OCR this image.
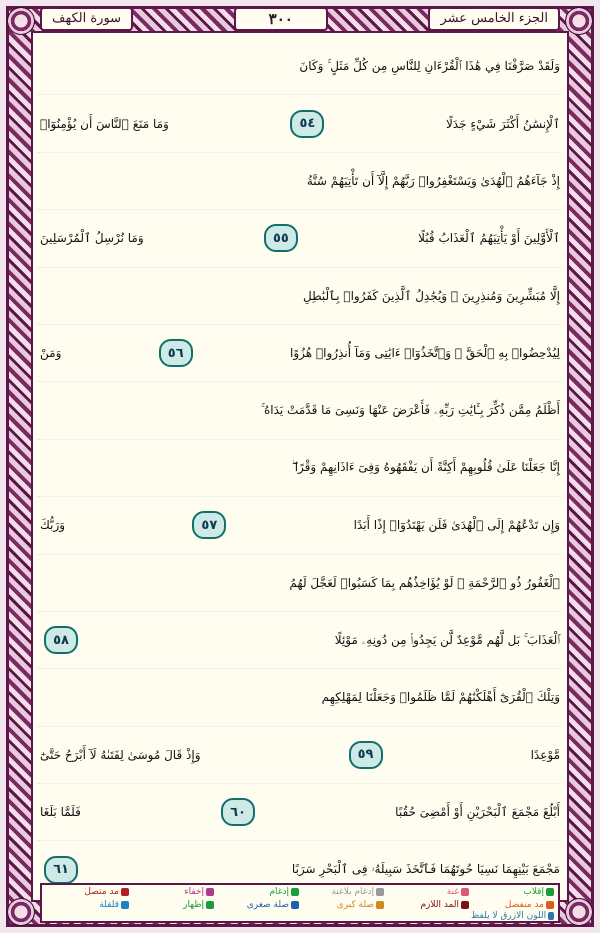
الجزء الخامس عشر
٣٠٠
سورة الكهف
وَلَقَدْ صَرَّفْنَا فِي هَٰذَا ٱلْقُرْءَانِ لِلنَّاسِ مِن كُلِّ مَثَلٍ ۚ وَكَانَ
ٱلْإِنسَٰنُ أَكْثَرَ شَيْءٍ جَدَلًا
٥٤
وَمَا مَنَعَ ٱلنَّاسَ أَن يُؤْمِنُوٓا۟
إِذْ جَآءَهُمُ ٱلْهُدَىٰ وَيَسْتَغْفِرُوا۟ رَبَّهُمْ إِلَّآ أَن تَأْتِيَهُمْ سُنَّةُ
ٱلْأَوَّلِينَ أَوْ يَأْتِيَهُمُ ٱلْعَذَابُ قُبُلًا
٥٥
وَمَا نُرْسِلُ ٱلْمُرْسَلِينَ
إِلَّا مُبَشِّرِينَ وَمُنذِرِينَ ۚ وَيُجَٰدِلُ ٱلَّذِينَ كَفَرُوا۟ بِٱلْبَٰطِلِ
لِيُدْحِضُوا۟ بِهِ ٱلْحَقَّ ۖ وَٱتَّخَذُوٓا۟ ءَايَٰتِى وَمَآ أُنذِرُوا۟ هُزُوًا
٥٦
وَمَنْ
أَظْلَمُ مِمَّن ذُكِّرَ بِـَٔايَٰتِ رَبِّهِۦ فَأَعْرَضَ عَنْهَا وَنَسِىَ مَا قَدَّمَتْ يَدَاهُ ۚ
إِنَّا جَعَلْنَا عَلَىٰ قُلُوبِهِمْ أَكِنَّةً أَن يَفْقَهُوهُ وَفِىٓ ءَاذَانِهِمْ وَقْرًا ۖ
وَإِن تَدْعُهُمْ إِلَى ٱلْهُدَىٰ فَلَن يَهْتَدُوٓا۟ إِذًا أَبَدًا
٥٧
وَرَبُّكَ
ٱلْغَفُورُ ذُو ٱلرَّحْمَةِ ۖ لَوْ يُؤَاخِذُهُم بِمَا كَسَبُوا۟ لَعَجَّلَ لَهُمُ
ٱلْعَذَابَ ۚ بَل لَّهُم مَّوْعِدٌ لَّن يَجِدُوا۟ مِن دُونِهِۦ مَوْئِلًا
٥٨
وَتِلْكَ ٱلْقُرَىٰٓ أَهْلَكْنَٰهُمْ لَمَّا ظَلَمُوا۟ وَجَعَلْنَا لِمَهْلِكِهِم
مَّوْعِدًا
٥٩
وَإِذْ قَالَ مُوسَىٰ لِفَتَىٰهُ لَآ أَبْرَحُ حَتَّىٰٓ
أَبْلُغَ مَجْمَعَ ٱلْبَحْرَيْنِ أَوْ أَمْضِىَ حُقُبًا
٦٠
فَلَمَّا بَلَغَا
مَجْمَعَ بَيْنِهِمَا نَسِيَا حُوتَهُمَا فَٱتَّخَذَ سَبِيلَهُۥ فِى ٱلْبَحْرِ سَرَبًا
٦١
إقلاب
غنة
إدغام بلاغنة
إدغام
إخفاء
مد متصل
مد منفصل
المد اللازم
صلة كبرى
صلة صغرى
إظهار
قلقلة
اللون الأزرق لا يلفظ
